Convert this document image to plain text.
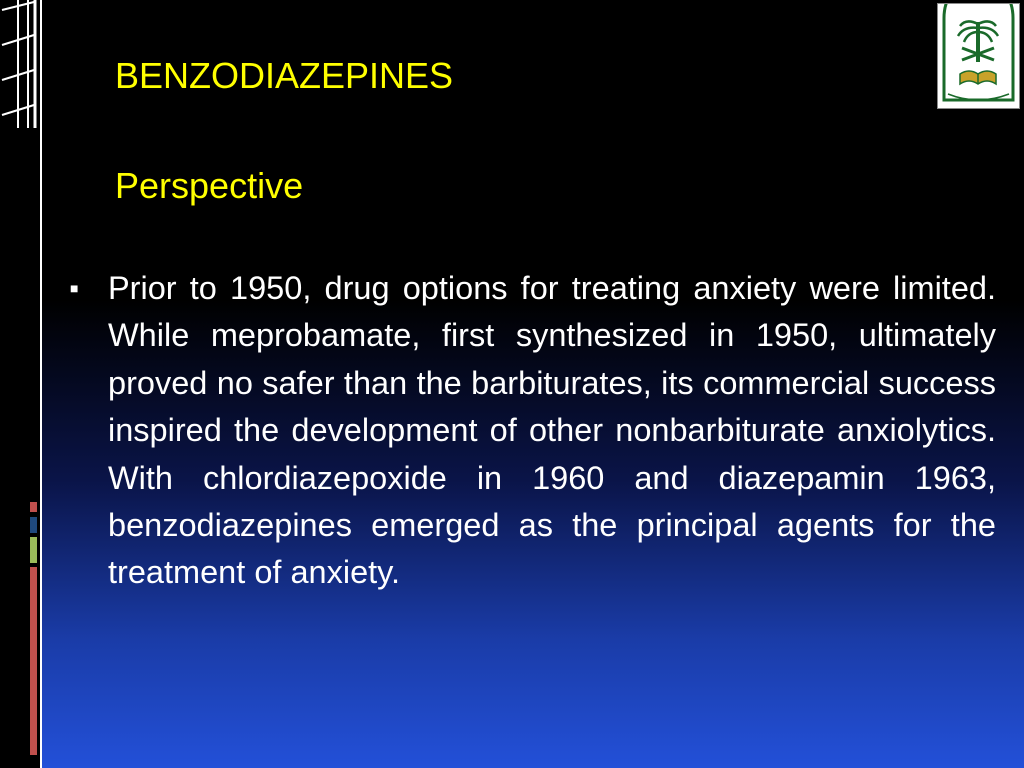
BENZODIAZEPINES
Perspective
■ Prior to 1950, drug options for treating anxiety were limited. While meprobamate, first synthesized in 1950, ultimately proved no safer than the barbiturates, its commercial success inspired the development of other nonbarbiturate anxiolytics. With chlordiazepoxide in 1960 and diazepamin 1963, benzodiazepines emerged as the principal agents for the treatment of anxiety.
